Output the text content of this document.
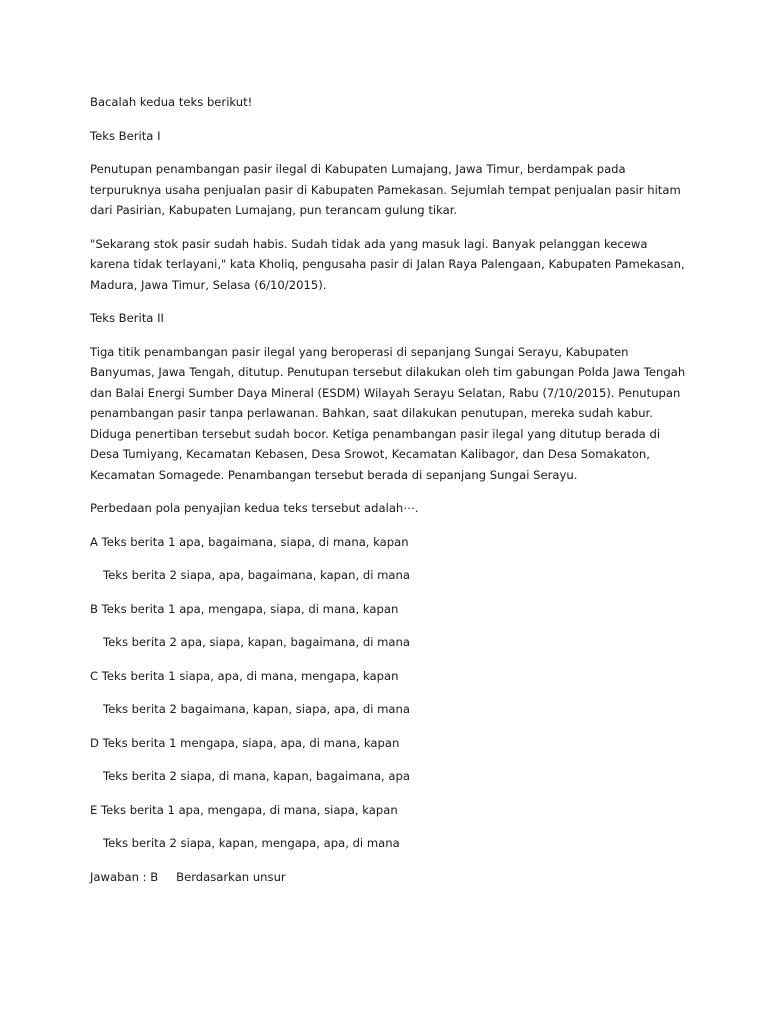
Bacalah kedua teks berikut!

Teks Berita I

Penutupan penambangan pasir ilegal di Kabupaten Lumajang, Jawa Timur, berdampak pada terpuruknya usaha penjualan pasir di Kabupaten Pamekasan. Sejumlah tempat penjualan pasir hitam dari Pasirian, Kabupaten Lumajang, pun terancam gulung tikar.

"Sekarang stok pasir sudah habis. Sudah tidak ada yang masuk lagi. Banyak pelanggan kecewa karena tidak terlayani," kata Kholiq, pengusaha pasir di Jalan Raya Palengaan, Kabupaten Pamekasan, Madura, Jawa Timur, Selasa (6/10/2015).

Teks Berita II

Tiga titik penambangan pasir ilegal yang beroperasi di sepanjang Sungai Serayu, Kabupaten Banyumas, Jawa Tengah, ditutup. Penutupan tersebut dilakukan oleh tim gabungan Polda Jawa Tengah dan Balai Energi Sumber Daya Mineral (ESDM) Wilayah Serayu Selatan, Rabu (7/10/2015). Penutupan penambangan pasir tanpa perlawanan. Bahkan, saat dilakukan penutupan, mereka sudah kabur. Diduga penertiban tersebut sudah bocor. Ketiga penambangan pasir ilegal yang ditutup berada di Desa Tumiyang, Kecamatan Kebasen, Desa Srowot, Kecamatan Kalibagor, dan Desa Somakaton, Kecamatan Somagede. Penambangan tersebut berada di sepanjang Sungai Serayu.

Perbedaan pola penyajian kedua teks tersebut adalah⋯.

A Teks berita 1 apa, bagaimana, siapa, di mana, kapan

Teks berita 2 siapa, apa, bagaimana, kapan, di mana

B Teks berita 1 apa, mengapa, siapa, di mana, kapan

Teks berita 2 apa, siapa, kapan, bagaimana, di mana

C Teks berita 1 siapa, apa, di mana, mengapa, kapan

Teks berita 2 bagaimana, kapan, siapa, apa, di mana

D Teks berita 1 mengapa, siapa, apa, di mana, kapan

Teks berita 2 siapa, di mana, kapan, bagaimana, apa

E Teks berita 1 apa, mengapa, di mana, siapa, kapan

Teks berita 2 siapa, kapan, mengapa, apa, di mana

Jawaban : B Berdasarkan unsur
